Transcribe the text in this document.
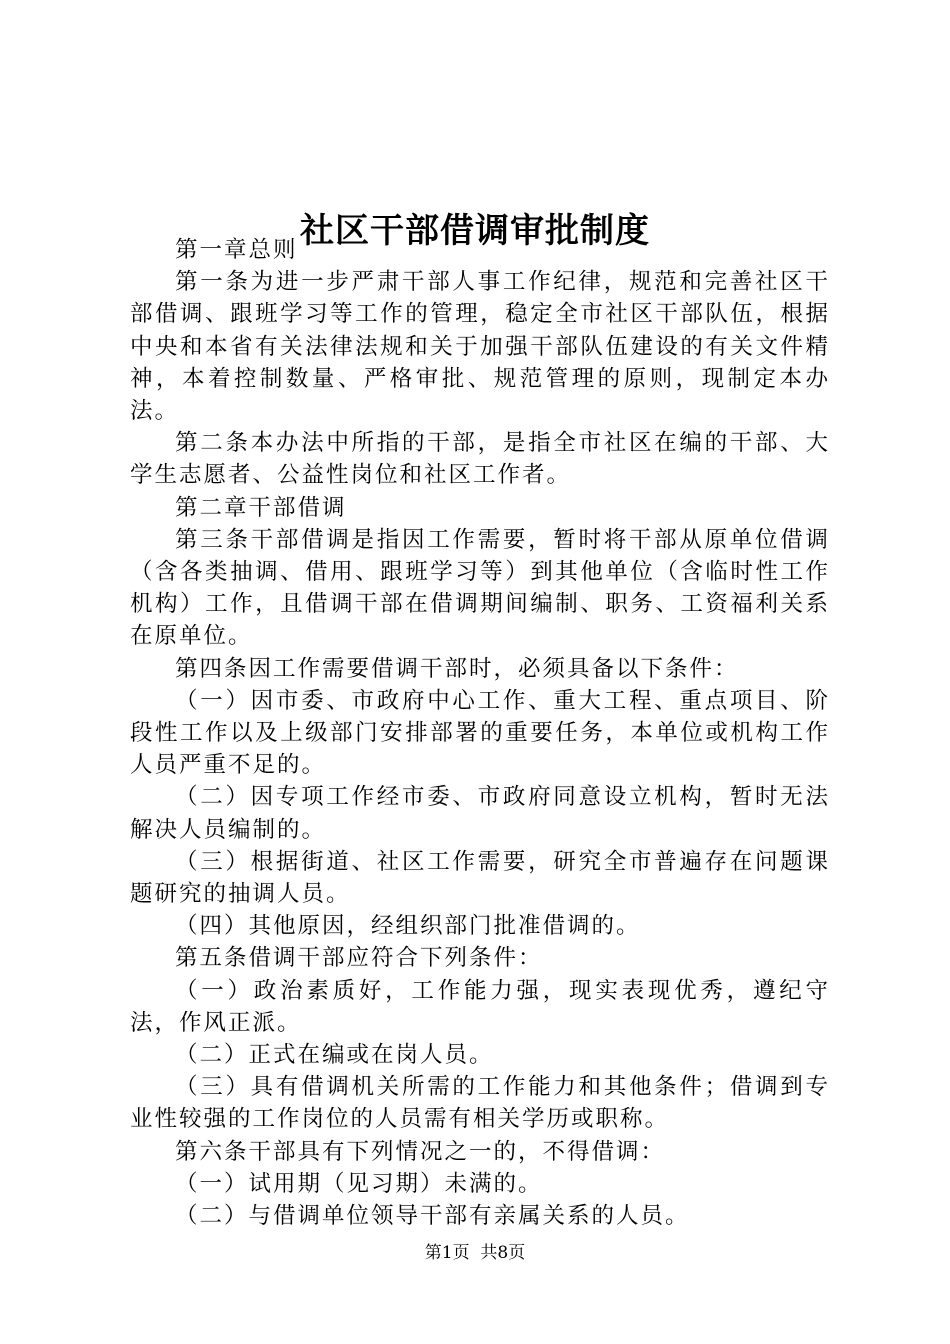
社区干部借调审批制度

第一章总则

第一条为进一步严肃干部人事工作纪律，规范和完善社区干部借调、跟班学习等工作的管理，稳定全市社区干部队伍，根据中央和本省有关法律法规和关于加强干部队伍建设的有关文件精神，本着控制数量、严格审批、规范管理的原则，现制定本办法。

第二条本办法中所指的干部，是指全市社区在编的干部、大学生志愿者、公益性岗位和社区工作者。

第二章干部借调

第三条干部借调是指因工作需要，暂时将干部从原单位借调（含各类抽调、借用、跟班学习等）到其他单位（含临时性工作机构）工作，且借调干部在借调期间编制、职务、工资福利关系在原单位。

第四条因工作需要借调干部时，必须具备以下条件：

（一）因市委、市政府中心工作、重大工程、重点项目、阶段性工作以及上级部门安排部署的重要任务，本单位或机构工作人员严重不足的。

（二）因专项工作经市委、市政府同意设立机构，暂时无法解决人员编制的。

（三）根据街道、社区工作需要，研究全市普遍存在问题课题研究的抽调人员。

（四）其他原因，经组织部门批准借调的。

第五条借调干部应符合下列条件：

（一）政治素质好，工作能力强，现实表现优秀，遵纪守法，作风正派。

（二）正式在编或在岗人员。

（三）具有借调机关所需的工作能力和其他条件；借调到专业性较强的工作岗位的人员需有相关学历或职称。

第六条干部具有下列情况之一的，不得借调：

（一）试用期（见习期）未满的。

（二）与借调单位领导干部有亲属关系的人员。

第1页  共8页
